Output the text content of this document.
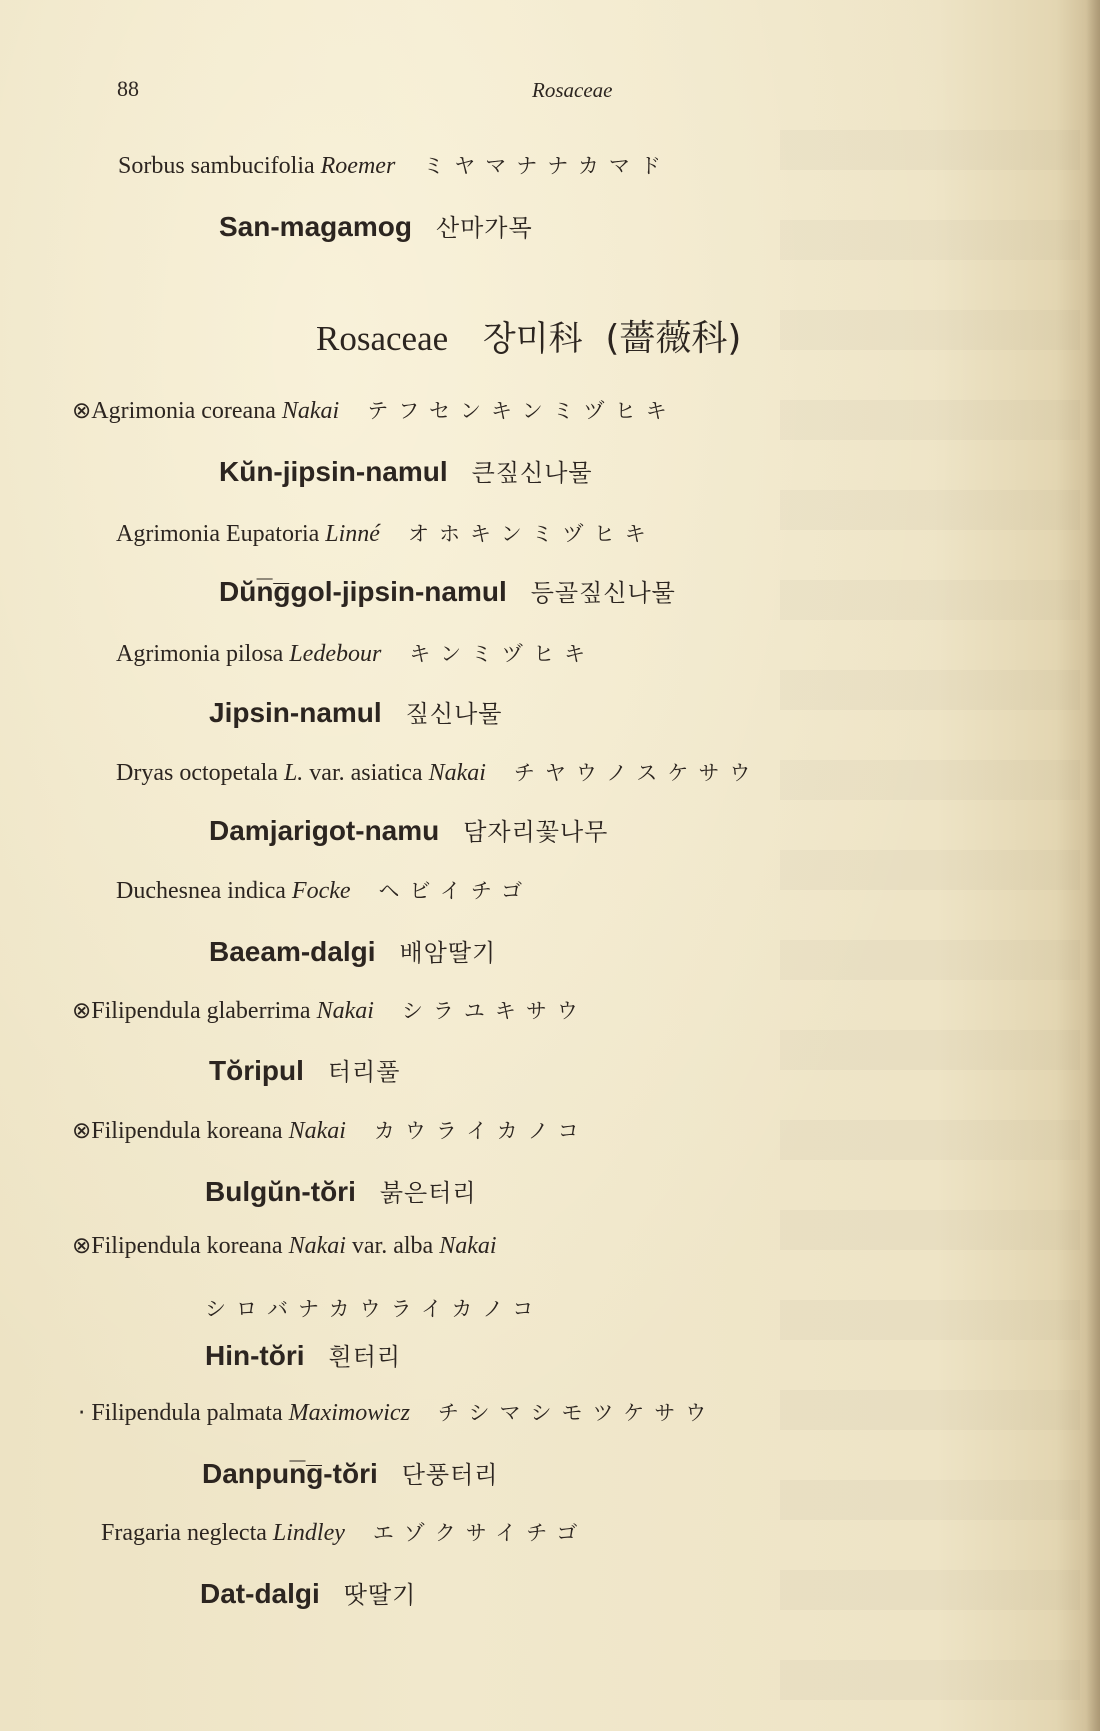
88	Rosaceae
Sorbus sambucifolia Roemer ミヤマナナカマド
San-magamog 산마가목
Rosaceae 장미科 (薔薇科)
⊗Agrimonia coreana Nakai テフセンキンミヅヒキ
Kŭn-jipsin-namul 큰짚신나물
Agrimonia Eupatoria Linné オホキンミヅヒキ
Dŭn̅g̅gol-jipsin-namul 등골짚신나물
Agrimonia pilosa Ledebour キンミヅヒキ
Jipsin-namul 짚신나물
Dryas octopetala L. var. asiatica Nakai チヤウノスケサウ
Damjarigot-namu 담자리꽃나무
Duchesnea indica Focke ヘビイチゴ
Baeam-dalgi 배암딸기
⊗Filipendula glaberrima Nakai シラユキサウ
Tŏripul 터리풀
⊗Filipendula koreana Nakai カウライカノコ
Bulgŭn-tŏri 붉은터리
⊗Filipendula koreana Nakai var. alba Nakai
シロバナカウライカノコ
Hin-tŏri 흰터리
· Filipendula palmata Maximowicz チシマシモツケサウ
Danpun̅g̅-tŏri 단풍터리
Fragaria neglecta Lindley エゾクサイチゴ
Dat-dalgi 땃딸기
